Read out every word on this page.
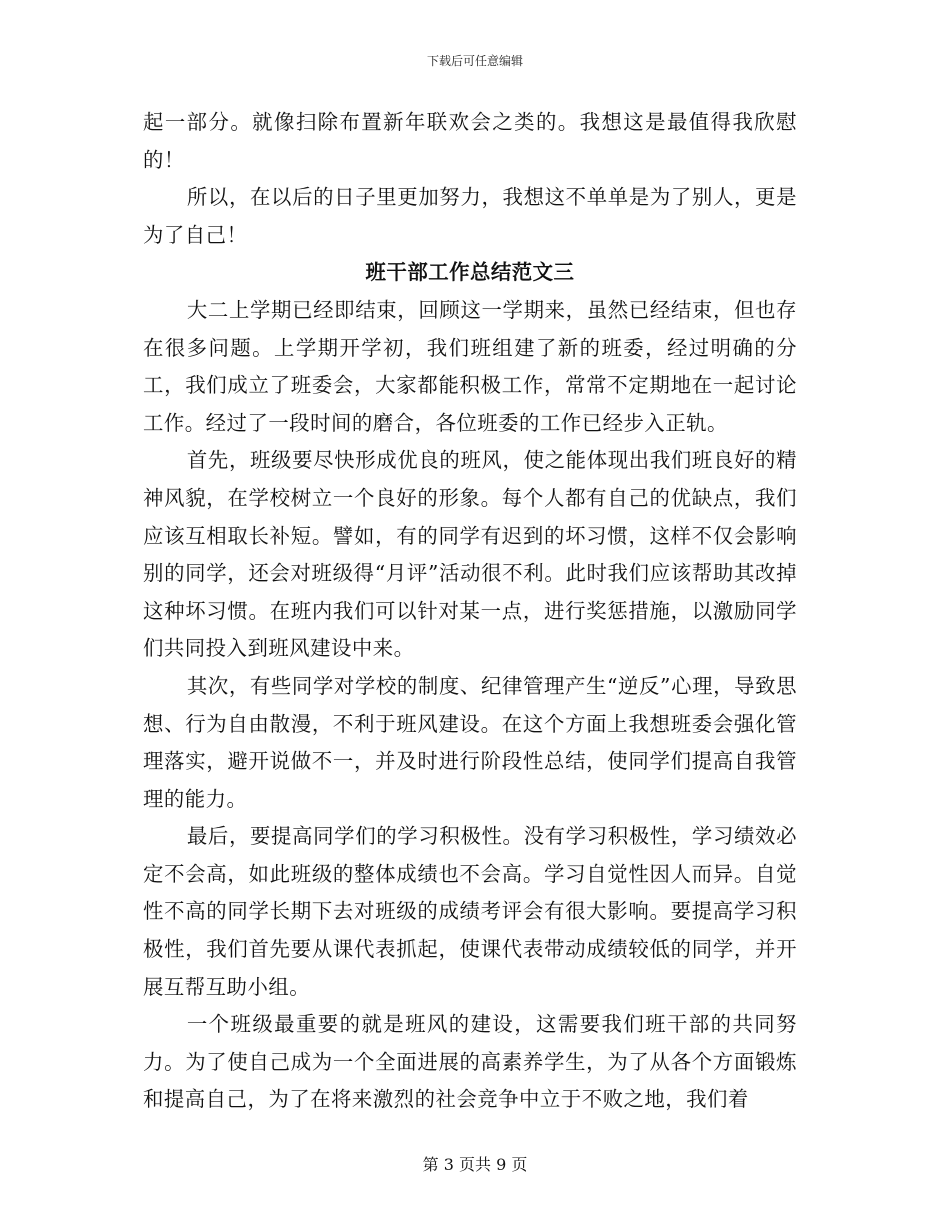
下载后可任意编辑

起一部分。就像扫除布置新年联欢会之类的。我想这是最值得我欣慰的！

所以，在以后的日子里更加努力，我想这不单单是为了别人，更是为了自己！

班干部工作总结范文三

大二上学期已经即结束，回顾这一学期来，虽然已经结束，但也存在很多问题。上学期开学初，我们班组建了新的班委，经过明确的分工，我们成立了班委会，大家都能积极工作，常常不定期地在一起讨论工作。经过了一段时间的磨合，各位班委的工作已经步入正轨。

首先，班级要尽快形成优良的班风，使之能体现出我们班良好的精神风貌，在学校树立一个良好的形象。每个人都有自己的优缺点，我们应该互相取长补短。譬如，有的同学有迟到的坏习惯，这样不仅会影响别的同学，还会对班级得“月评”活动很不利。此时我们应该帮助其改掉这种坏习惯。在班内我们可以针对某一点，进行奖惩措施，以激励同学们共同投入到班风建设中来。

其次，有些同学对学校的制度、纪律管理产生“逆反”心理，导致思想、行为自由散漫，不利于班风建设。在这个方面上我想班委会强化管理落实，避开说做不一，并及时进行阶段性总结，使同学们提高自我管理的能力。

最后，要提高同学们的学习积极性。没有学习积极性，学习绩效必定不会高，如此班级的整体成绩也不会高。学习自觉性因人而异。自觉性不高的同学长期下去对班级的成绩考评会有很大影响。要提高学习积极性，我们首先要从课代表抓起，使课代表带动成绩较低的同学，并开展互帮互助小组。

一个班级最重要的就是班风的建设，这需要我们班干部的共同努力。为了使自己成为一个全面进展的高素养学生，为了从各个方面锻炼和提高自己，为了在将来激烈的社会竞争中立于不败之地，我们着

第 3 页共 9 页
